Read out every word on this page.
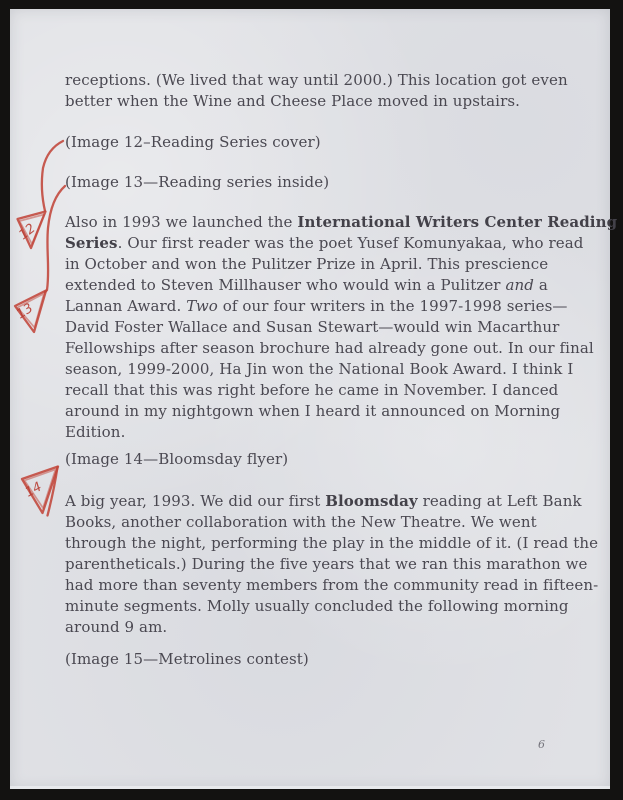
receptions. (We lived that way until 2000.) This location got even
better when the Wine and Cheese Place moved in upstairs.
(Image 12–Reading Series cover)
(Image 13—Reading series inside)
Also in 1993 we launched the International Writers Center Reading
Series. Our first reader was the poet Yusef Komunyakaa, who read
in October and won the Pulitzer Prize in April. This prescience
extended to Steven Millhauser who would win a Pulitzer and a
Lannan Award. Two of our four writers in the 1997-1998 series—
David Foster Wallace and Susan Stewart—would win Macarthur
Fellowships after season brochure had already gone out. In our final
season, 1999-2000, Ha Jin won the National Book Award. I think I
recall that this was right before he came in November. I danced
around in my nightgown when I heard it announced on Morning
Edition.
(Image 14—Bloomsday flyer)
A big year, 1993. We did our first Bloomsday reading at Left Bank
Books, another collaboration with the New Theatre. We went
through the night, performing the play in the middle of it. (I read the
parentheticals.) During the five years that we ran this marathon we
had more than seventy members from the community read in fifteen-
minute segments. Molly usually concluded the following morning
around 9 am.
(Image 15—Metrolines contest)
6
12
13
14
